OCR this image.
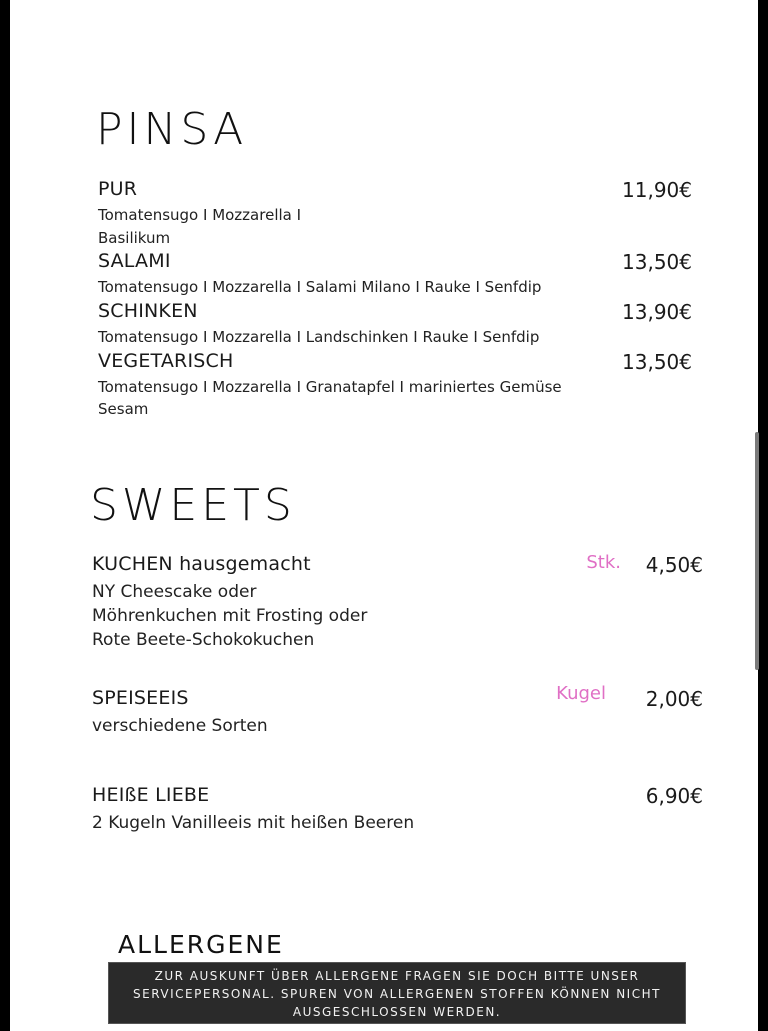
PINSA
PUR	11,90€
Tomatensugo I Mozzarella I
Basilikum
SALAMI	13,50€
Tomatensugo I Mozzarella I Salami Milano I Rauke I Senfdip
SCHINKEN	13,90€
Tomatensugo I Mozzarella I Landschinken I Rauke I Senfdip
VEGETARISCH	13,50€
Tomatensugo I Mozzarella I Granatapfel I mariniertes Gemüse
Sesam
SWEETS
KUCHEN hausgemacht	Stk. 4,50€
NY Cheescake oder
Möhrenkuchen mit Frosting oder
Rote Beete-Schokokuchen
SPEISEEIS	Kugel 2,00€
verschiedene Sorten
HEIßE LIEBE	6,90€
2 Kugeln Vanilleeis mit heißen Beeren
ALLERGENE
ZUR AUSKUNFT ÜBER ALLERGENE FRAGEN SIE DOCH BITTE UNSER
SERVICEPERSONAL. SPUREN VON ALLERGENEN STOFFEN KÖNNEN NICHT
AUSGESCHLOSSEN WERDEN.
